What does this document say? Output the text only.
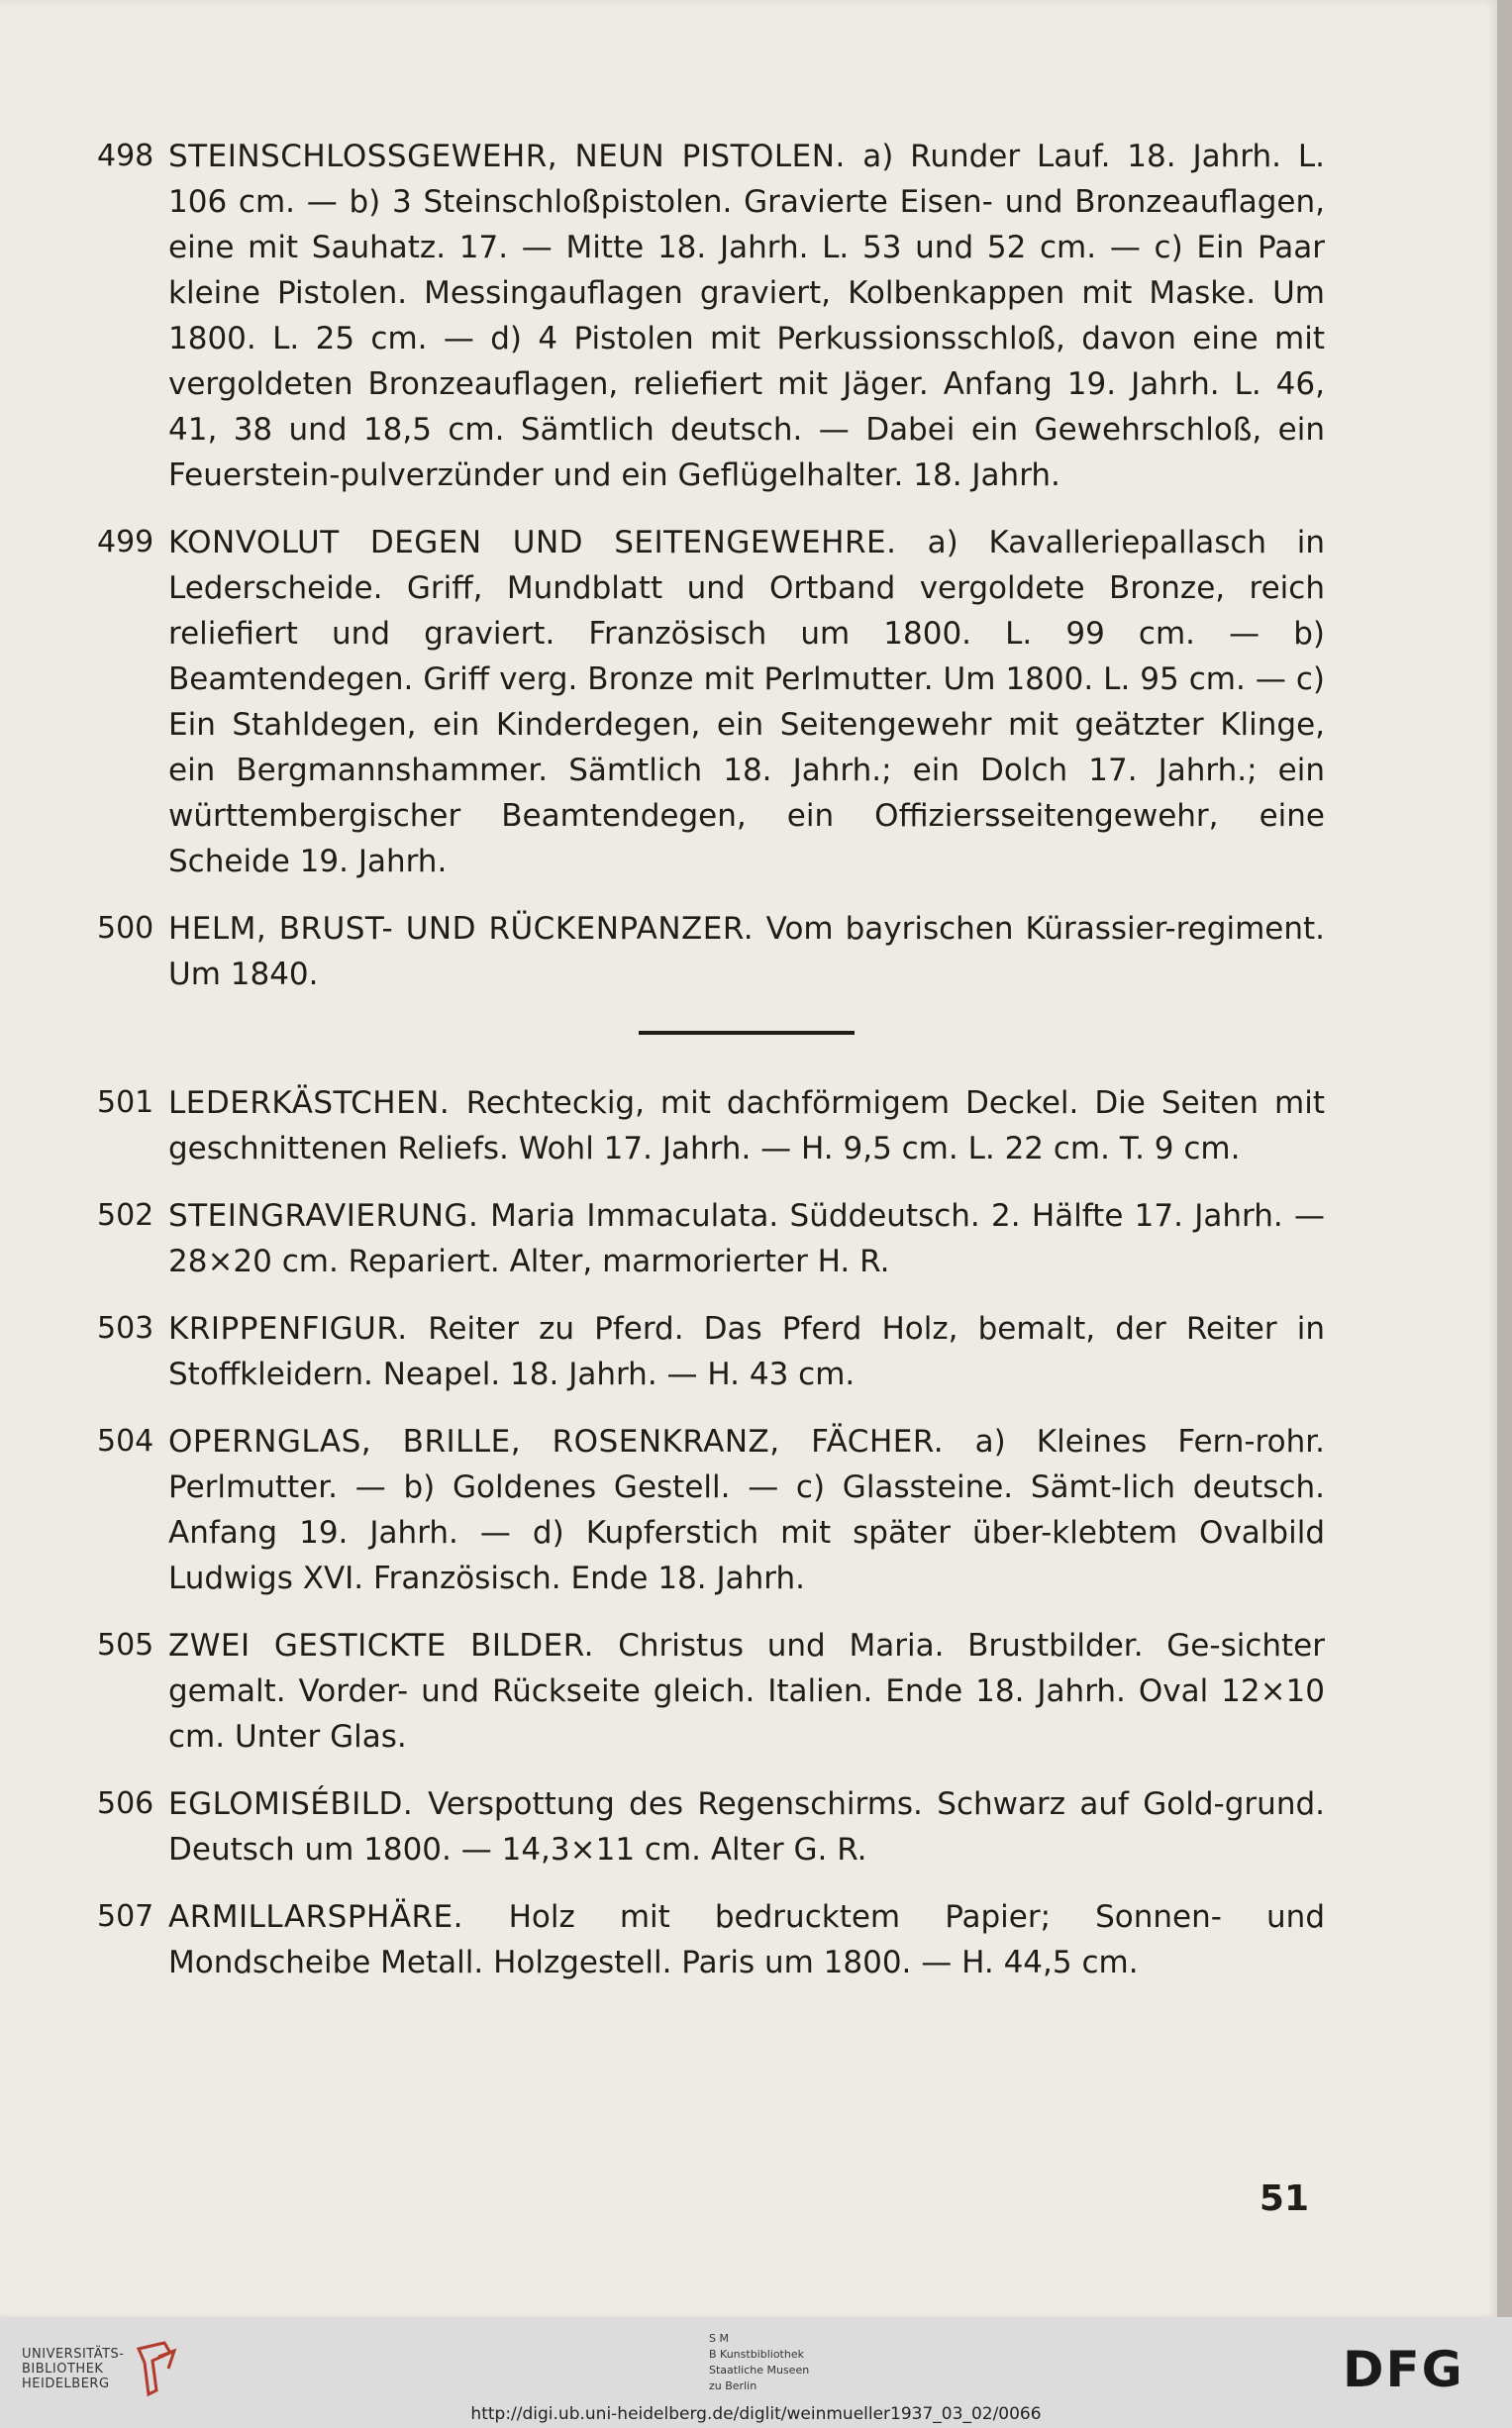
498 STEINSCHLOSSGEWEHR, NEUN PISTOLEN. a) Runder Lauf. 18. Jahrh. L. 106 cm. — b) 3 Steinschloßpistolen. Gravierte Eisen- und Bronzeauflagen, eine mit Sauhatz. 17. — Mitte 18. Jahrh. L. 53 und 52 cm. — c) Ein Paar kleine Pistolen. Messingauflagen graviert, Kolbenkappen mit Maske. Um 1800. L. 25 cm. — d) 4 Pistolen mit Perkussionsschloß, davon eine mit vergoldeten Bronzeauflagen, reliefiert mit Jäger. Anfang 19. Jahrh. L. 46, 41, 38 und 18,5 cm. Sämtlich deutsch. — Dabei ein Gewehrschloß, ein Feuerstein-pulverzünder und ein Geflügelhalter. 18. Jahrh.
499 KONVOLUT DEGEN UND SEITENGEWEHRE. a) Kavalleriepallasch in Lederscheide. Griff, Mundblatt und Ortband vergoldete Bronze, reich reliefiert und graviert. Französisch um 1800. L. 99 cm. — b) Beamtendegen. Griff verg. Bronze mit Perlmutter. Um 1800. L. 95 cm. — c) Ein Stahldegen, ein Kinderdegen, ein Seitengewehr mit geätzter Klinge, ein Bergmannshammer. Sämtlich 18. Jahrh.; ein Dolch 17. Jahrh.; ein württembergischer Beamtendegen, ein Offiziersseitengewehr, eine Scheide 19. Jahrh.
500 HELM, BRUST- UND RÜCKENPANZER. Vom bayrischen Kürassier-regiment. Um 1840.
501 LEDERKÄSTCHEN. Rechteckig, mit dachförmigem Deckel. Die Seiten mit geschnittenen Reliefs. Wohl 17. Jahrh. — H. 9,5 cm. L. 22 cm. T. 9 cm.
502 STEINGRAVIERUNG. Maria Immaculata. Süddeutsch. 2. Hälfte 17. Jahrh. — 28×20 cm. Repariert. Alter, marmorierter H. R.
503 KRIPPENFIGUR. Reiter zu Pferd. Das Pferd Holz, bemalt, der Reiter in Stoffkleidern. Neapel. 18. Jahrh. — H. 43 cm.
504 OPERNGLAS, BRILLE, ROSENKRANZ, FÄCHER. a) Kleines Fern-rohr. Perlmutter. — b) Goldenes Gestell. — c) Glassteine. Sämt-lich deutsch. Anfang 19. Jahrh. — d) Kupferstich mit später über-klebtem Ovalbild Ludwigs XVI. Französisch. Ende 18. Jahrh.
505 ZWEI GESTICKTE BILDER. Christus und Maria. Brustbilder. Ge-sichter gemalt. Vorder- und Rückseite gleich. Italien. Ende 18. Jahrh. Oval 12×10 cm. Unter Glas.
506 EGLOMISÉBILD. Verspottung des Regenschirms. Schwarz auf Gold-grund. Deutsch um 1800. — 14,3×11 cm. Alter G. R.
507 ARMILLARSPHÄRE. Holz mit bedrucktem Papier; Sonnen- und Mondscheibe Metall. Holzgestell. Paris um 1800. — H. 44,5 cm.
51
UNIVERSITÄTS-
BIBLIOTHEK
HEIDELBERG
S M
B Kunstbibliothek
Staatliche Museen
zu Berlin	DFG
http://digi.ub.uni-heidelberg.de/diglit/weinmueller1937_03_02/0066
